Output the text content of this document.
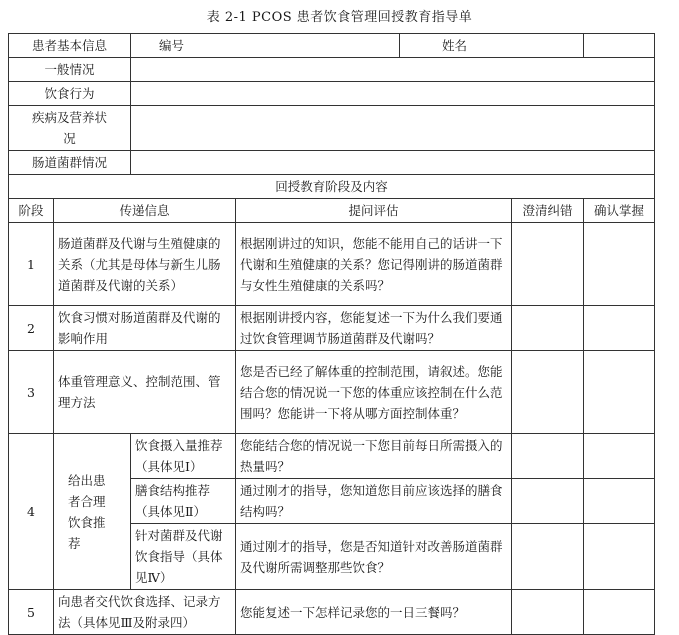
表 2-1 PCOS 患者饮食管理回授教育指导单
患者基本信息		编号		姓名		
一般情况						
饮食行为						
疾病及营养状况						
肠道菌群情况						
回授教育阶段及内容						
阶段	传递信息		提问评估		澄清纠错	确认掌握
1	肠道菌群及代谢与生殖健康的关系（尤其是母体与新生儿肠道菌群及代谢的关系）		根据刚讲过的知识，您能不能用自己的话讲一下代谢和生殖健康的关系？您记得刚讲的肠道菌群与女性生殖健康的关系吗？			
2	饮食习惯对肠道菌群及代谢的影响作用		根据刚讲授内容，您能复述一下为什么我们要通过饮食管理调节肠道菌群及代谢吗？			
3	体重管理意义、控制范围、管理方法		您是否已经了解体重的控制范围，请叙述。您能结合您的情况说一下您的体重应该控制在什么范围吗？您能讲一下将从哪方面控制体重？			
4	给出患者合理饮食推荐	饮食摄入量推荐（具体见Ⅰ）	您能结合您的情况说一下您目前每日所需摄入的热量吗？			
		膳食结构推荐（具体见Ⅱ）	通过刚才的指导，您知道您目前应该选择的膳食结构吗？			
		针对菌群及代谢饮食指导（具体见Ⅳ）	通过刚才的指导，您是否知道针对改善肠道菌群及代谢所需调整那些饮食？			
5	向患者交代饮食选择、记录方法（具体见Ⅲ及附录四）		您能复述一下怎样记录您的一日三餐吗？			
